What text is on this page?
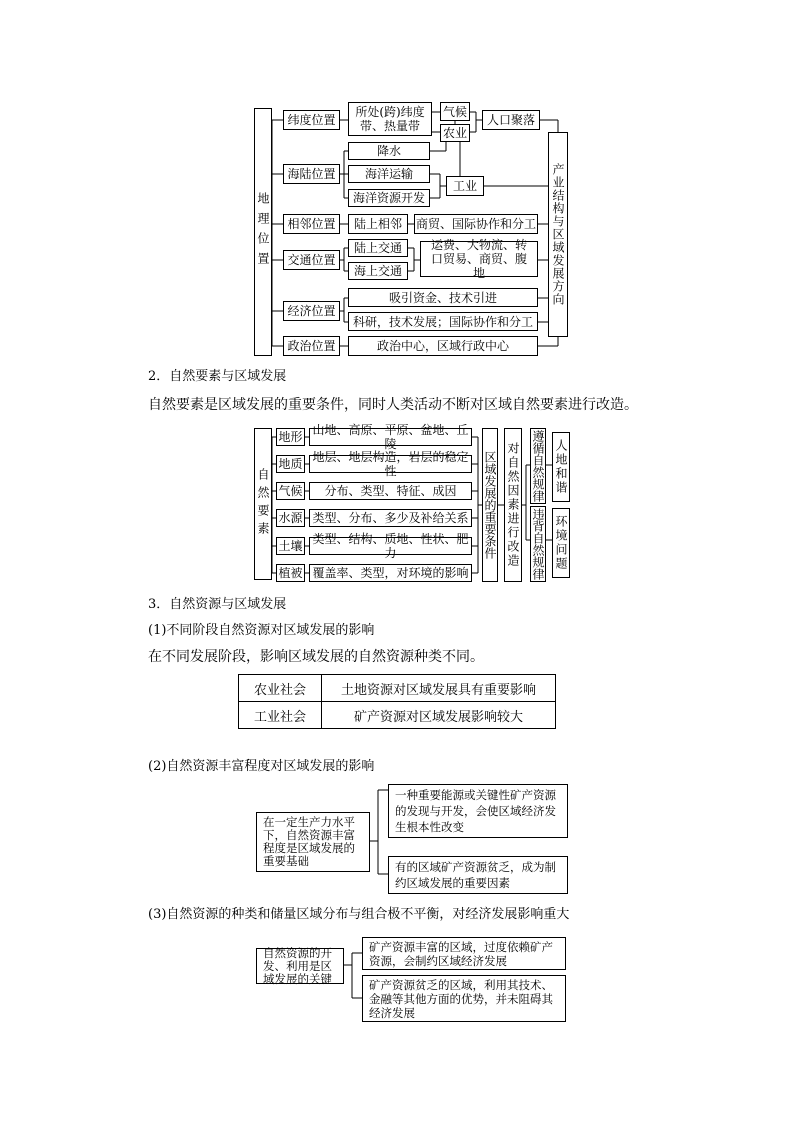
地理位置
纬度位置
海陆位置
相邻位置
交通位置
经济位置
政治位置
所处(跨)纬度带、热量带
气候
农业
人口聚落
降水
海洋运输
海洋资源开发
工业
陆上相邻	商贸、国际协作和分工
陆上交通
海上交通
运费、大物流、转口贸易、商贸、腹地
吸引资金、技术引进
科研，技术发展；国际协作和分工
政治中心，区域行政中心
产业结构与区域发展方向
2．自然要素与区域发展
自然要素是区域发展的重要条件，同时人类活动不断对区域自然要素进行改造。
自然要素
地形 山地、高原、平原、盆地、丘陵
地质 地层、地层构造，岩层的稳定性
气候	分布、类型、特征、成因
水源 类型、分布、多少及补给关系
土壤 类型、结构、质地、性状、肥力
植被 覆盖率、类型，对环境的影响
区域发展的重要条件 对自然因素进行改造 遵循自然规律
违背自然规律
人地和谐
环境问题
3．自然资源与区域发展
(1)不同阶段自然资源对区域发展的影响
在不同发展阶段，影响区域发展的自然资源种类不同。
农业社会	土地资源对区域发展具有重要影响
工业社会	矿产资源对区域发展影响较大
(2)自然资源丰富程度对区域发展的影响
在一定生产力水平下，自然资源丰富程度是区域发展的重要基础
一种重要能源或关键性矿产资源的发现与开发，会使区域经济发生根本性改变
有的区域矿产资源贫乏，成为制约区域发展的重要因素
(3)自然资源的种类和储量区域分布与组合极不平衡，对经济发展影响重大
自然资源的开发、利用是区域发展的关键
矿产资源丰富的区域，过度依赖矿产资源，会制约区域经济发展
矿产资源贫乏的区域，利用其技术、金融等其他方面的优势，并未阻碍其经济发展
